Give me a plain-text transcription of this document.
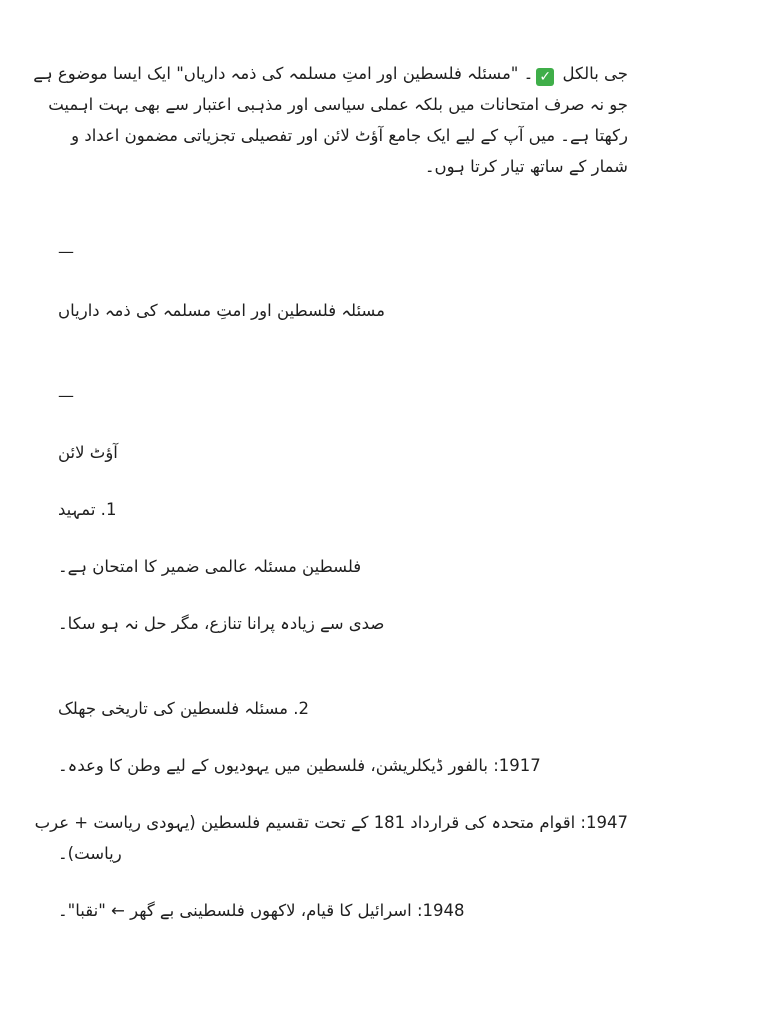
جی بالکل ✓۔ "مسئلہ فلسطین اور امتِ مسلمہ کی ذمہ داریاں" ایک ایسا موضوع ہے

جو نہ صرف امتحانات میں بلکہ عملی سیاسی اور مذہبی اعتبار سے بھی بہت اہمیت

رکھتا ہے۔ میں آپ کے لیے ایک جامع آؤٹ لائن اور تفصیلی تجزیاتی مضمون اعداد و

شمار کے ساتھ تیار کرتا ہوں۔

—

مسئلہ فلسطین اور امتِ مسلمہ کی ذمہ داریاں

—

آؤٹ لائن

1. تمہید

فلسطین مسئلہ عالمی ضمیر کا امتحان ہے۔

صدی سے زیادہ پرانا تنازع، مگر حل نہ ہو سکا۔

2. مسئلہ فلسطین کی تاریخی جھلک

1917: بالفور ڈیکلریشن، فلسطین میں یہودیوں کے لیے وطن کا وعدہ۔

1947: اقوام متحدہ کی قرارداد 181 کے تحت تقسیم فلسطین (یہودی ریاست + عرب

ریاست)۔

1948: اسرائیل کا قیام، لاکھوں فلسطینی بے گھر ← "نقبا"۔
